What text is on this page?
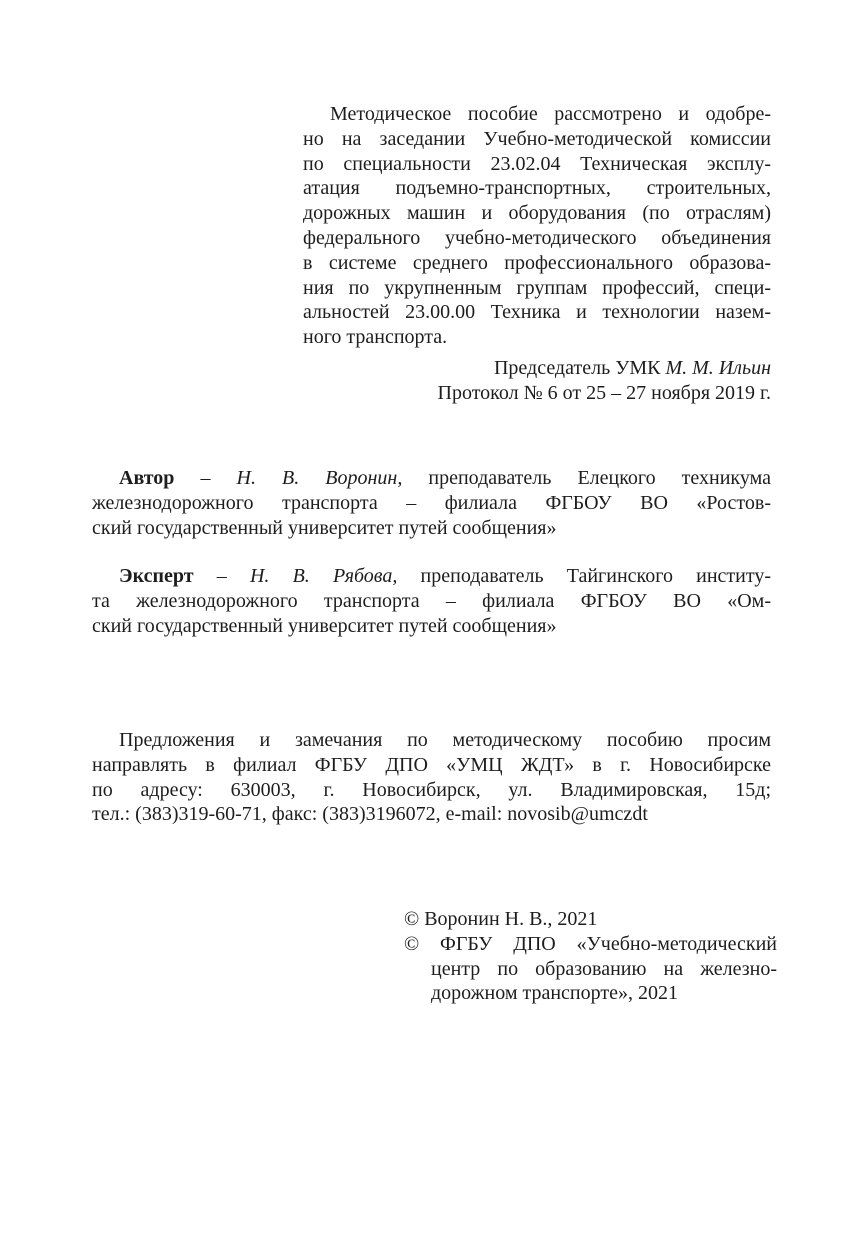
Методическое пособие рассмотрено и одобре-
но на заседании Учебно-методической комиссии
по специальности 23.02.04 Техническая эксплу-
атация подъемно-транспортных, строительных,
дорожных машин и оборудования (по отраслям)
федерального учебно-методического объединения
в системе среднего профессионального образова-
ния по укрупненным группам профессий, специ-
альностей 23.00.00 Техника и технологии назем-
ного транспорта.
Председатель УМК М. М. Ильин
Протокол № 6 от 25 – 27 ноября 2019 г.
Автор – Н. В. Воронин, преподаватель Елецкого техникума
железнодорожного транспорта – филиала ФГБОУ ВО «Ростов-
ский государственный университет путей сообщения»
Эксперт – Н. В. Рябова, преподаватель Тайгинского институ-
та железнодорожного транспорта – филиала ФГБОУ ВО «Ом-
ский государственный университет путей сообщения»
Предложения и замечания по методическому пособию просим
направлять в филиал ФГБУ ДПО «УМЦ ЖДТ» в г. Новосибирске
по адресу: 630003, г. Новосибирск, ул. Владимировская, 15д;
тел.: (383)319-60-71, факс: (383)3196072, e-mail: novosib@umczdt
© Воронин Н. В., 2021
© ФГБУ ДПО «Учебно-методический
центр по образованию на железно-
дорожном транспорте», 2021
